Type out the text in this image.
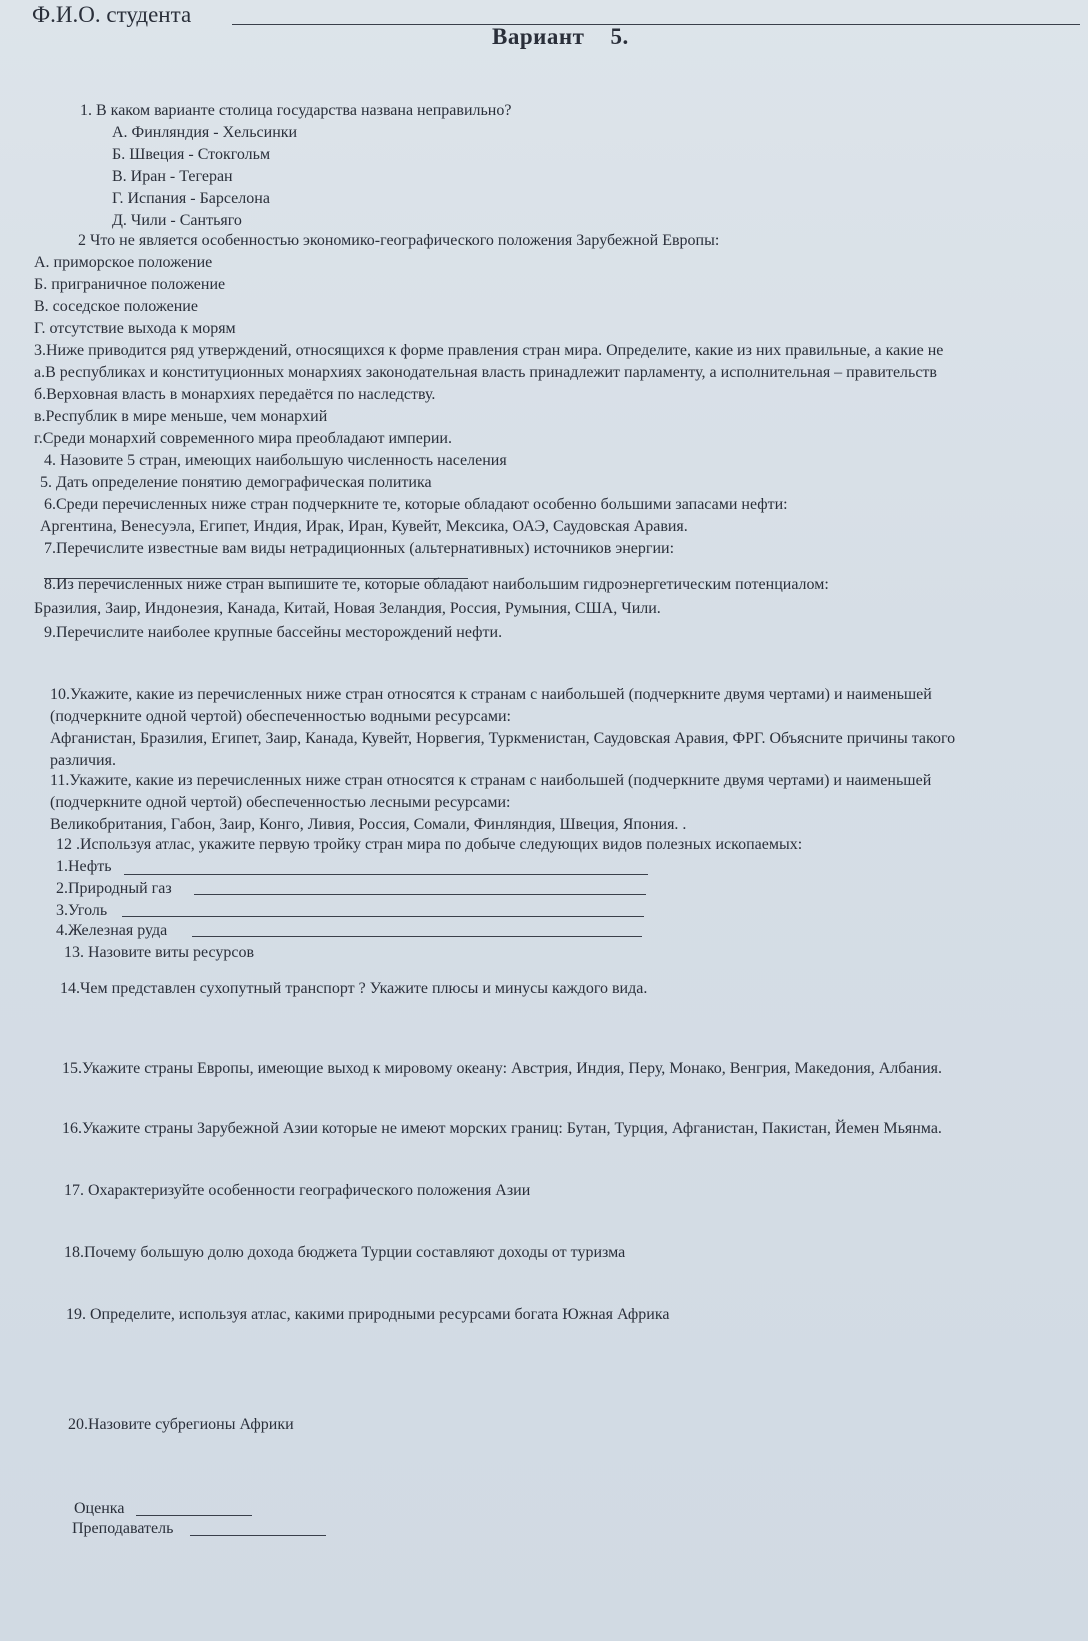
Ф.И.О. студента
Вариант 5.
1. В каком варианте столица государства названа неправильно?
А. Финляндия - Хельсинки
Б. Швеция - Стокгольм
В. Иран - Тегеран
Г. Испания - Барселона
Д. Чили - Сантьяго
2 Что не является особенностью экономико-географического положения Зарубежной Европы:
А. приморское положение
Б. приграничное положение
В. соседское положение
Г. отсутствие выхода к морям
3.Ниже приводится ряд утверждений, относящихся к форме правления стран мира. Определите, какие из них правильные, а какие не
а.В республиках и конституционных монархиях законодательная власть принадлежит парламенту, а исполнительная – правительств
б.Верховная власть в монархиях передаётся по наследству.
в.Республик в мире меньше, чем монархий
г.Среди монархий современного мира преобладают империи.
4. Назовите 5 стран, имеющих наибольшую численность населения
5. Дать определение понятию демографическая политика
6.Среди перечисленных ниже стран подчеркните те, которые обладают особенно большими запасами нефти:
Аргентина, Венесуэла, Египет, Индия, Ирак, Иран, Кувейт, Мексика, ОАЭ, Саудовская Аравия.
7.Перечислите известные вам виды нетрадиционных (альтернативных) источников энергии:
8.Из перечисленных ниже стран выпишите те, которые обладают наибольшим гидроэнергетическим потенциалом:
Бразилия, Заир, Индонезия, Канада, Китай, Новая Зеландия, Россия, Румыния, США, Чили.
9.Перечислите наиболее крупные бассейны месторождений нефти.
10.Укажите, какие из перечисленных ниже стран относятся к странам с наибольшей (подчеркните двумя чертами) и наименьшей
(подчеркните одной чертой) обеспеченностью водными ресурсами:
Афганистан, Бразилия, Египет, Заир, Канада, Кувейт, Норвегия, Туркменистан, Саудовская Аравия, ФРГ. Объясните причины такого
различия.
11.Укажите, какие из перечисленных ниже стран относятся к странам с наибольшей (подчеркните двумя чертами) и наименьшей
(подчеркните одной чертой) обеспеченностью лесными ресурсами:
Великобритания, Габон, Заир, Конго, Ливия, Россия, Сомали, Финляндия, Швеция, Япония. .
12 .Используя атлас, укажите первую тройку стран мира по добыче следующих видов полезных ископаемых:
1.Нефть
2.Природный газ
3.Уголь
4.Железная руда
13. Назовите виты ресурсов
14.Чем представлен сухопутный транспорт ? Укажите плюсы и минусы каждого вида.
15.Укажите страны Европы, имеющие выход к мировому океану: Австрия, Индия, Перу, Монако, Венгрия, Македония, Албания.
16.Укажите страны Зарубежной Азии которые не имеют морских границ: Бутан, Турция, Афганистан, Пакистан, Йемен Мьянма.
17. Охарактеризуйте особенности географического положения Азии
18.Почему большую долю дохода бюджета Турции составляют доходы от туризма
19. Определите, используя атлас, какими природными ресурсами богата Южная Африка
20.Назовите субрегионы Африки
Оценка
Преподаватель
